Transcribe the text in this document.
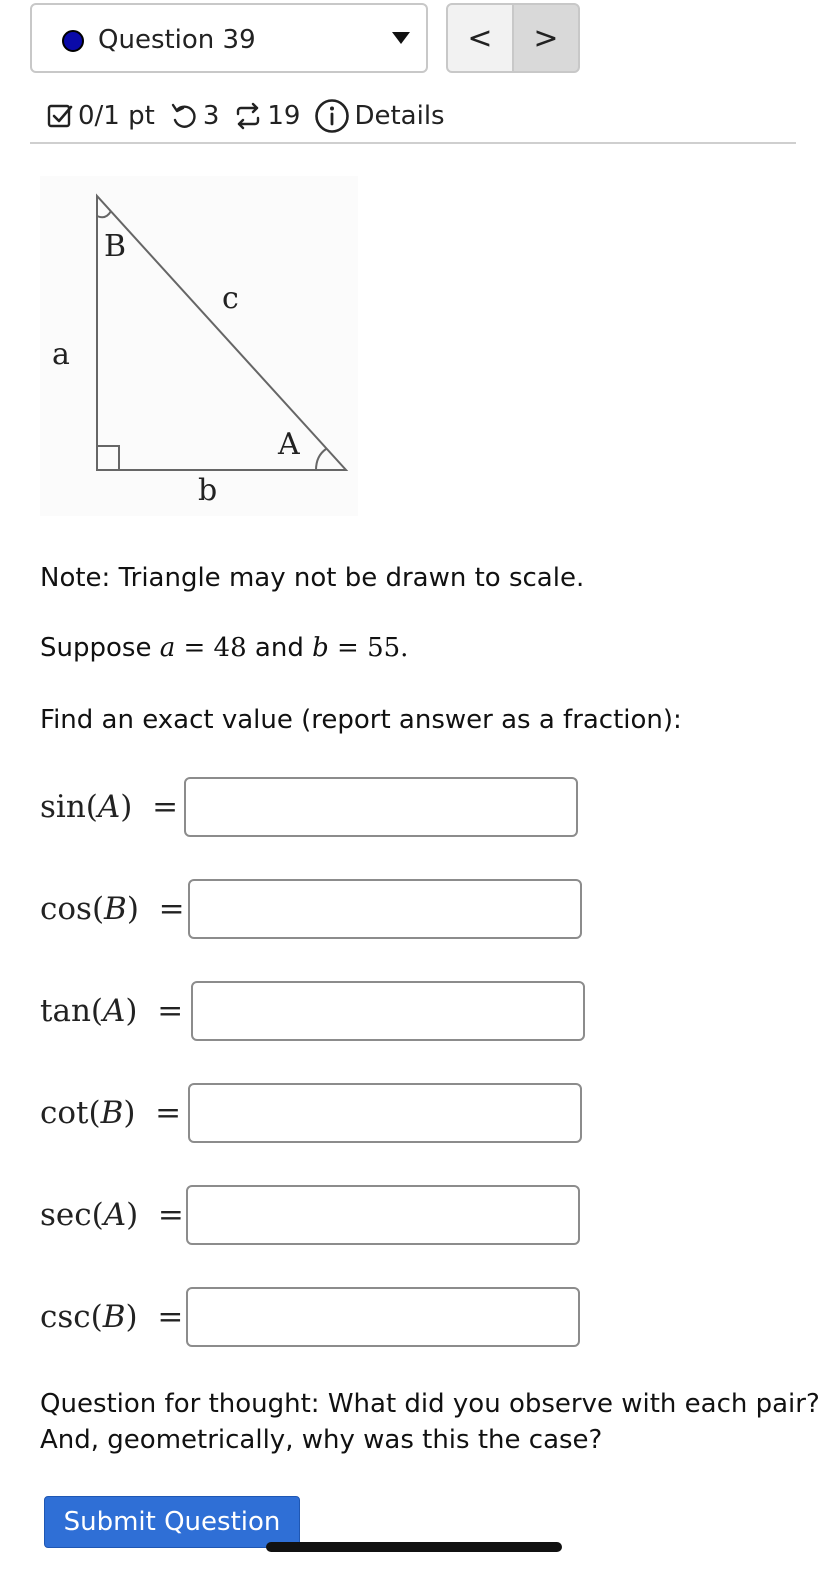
Question 39	< >
0/1 pt 3 19 Details
B
c
a
A
b

Note: Triangle may not be drawn to scale.

Suppose a = 48 and b = 55.

Find an exact value (report answer as a fraction):

sin(A)  =
cos(B)  =
tan(A)  =
cot(B)  =
sec(A)  =
csc(B)  =

Question for thought: What did you observe with each pair?
And, geometrically, why was this the case?

Submit Question
